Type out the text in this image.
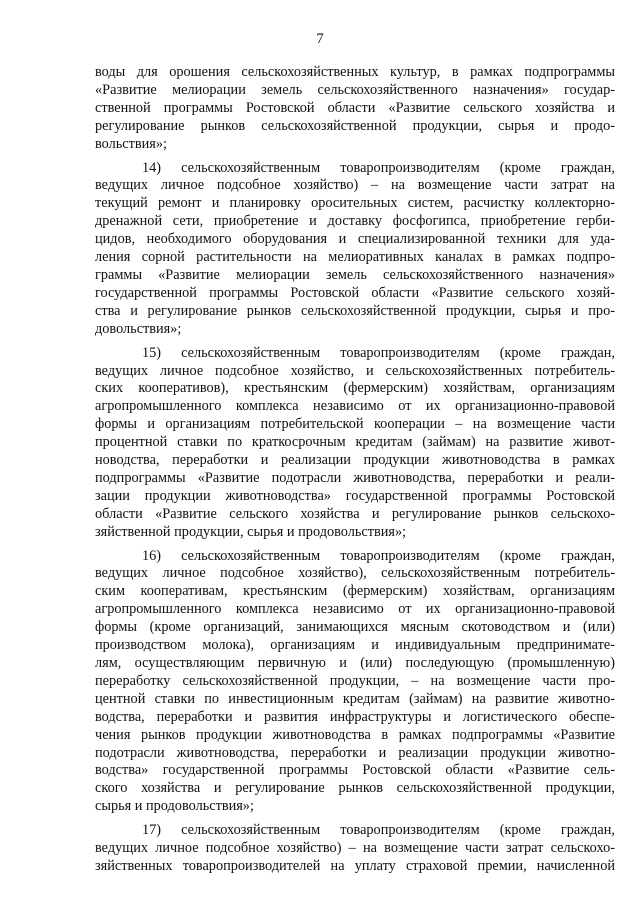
7

воды для орошения сельскохозяйственных культур, в рамках подпрограммы
«Развитие мелиорации земель сельскохозяйственного назначения» государ-
ственной программы Ростовской области «Развитие сельского хозяйства и
регулирование рынков сельскохозяйственной продукции, сырья и продо-
вольствия»;

14) сельскохозяйственным товаропроизводителям (кроме граждан,
ведущих личное подсобное хозяйство) – на возмещение части затрат на
текущий ремонт и планировку оросительных систем, расчистку коллекторно-
дренажной сети, приобретение и доставку фосфогипса, приобретение герби-
цидов, необходимого оборудования и специализированной техники для уда-
ления сорной растительности на мелиоративных каналах в рамках подпро-
граммы «Развитие мелиорации земель сельскохозяйственного назначения»
государственной программы Ростовской области «Развитие сельского хозяй-
ства и регулирование рынков сельскохозяйственной продукции, сырья и про-
довольствия»;

15) сельскохозяйственным товаропроизводителям (кроме граждан,
ведущих личное подсобное хозяйство, и сельскохозяйственных потребитель-
ских кооперативов), крестьянским (фермерским) хозяйствам, организациям
агропромышленного комплекса независимо от их организационно-правовой
формы и организациям потребительской кооперации – на возмещение части
процентной ставки по краткосрочным кредитам (займам) на развитие живот-
новодства, переработки и реализации продукции животноводства в рамках
подпрограммы «Развитие подотрасли животноводства, переработки и реали-
зации продукции животноводства» государственной программы Ростовской
области «Развитие сельского хозяйства и регулирование рынков сельскохо-
зяйственной продукции, сырья и продовольствия»;

16) сельскохозяйственным товаропроизводителям (кроме граждан,
ведущих личное подсобное хозяйство), сельскохозяйственным потребитель-
ским кооперативам, крестьянским (фермерским) хозяйствам, организациям
агропромышленного комплекса независимо от их организационно-правовой
формы (кроме организаций, занимающихся мясным скотоводством и (или)
производством молока), организациям и индивидуальным предпринимате-
лям, осуществляющим первичную и (или) последующую (промышленную)
переработку сельскохозяйственной продукции, – на возмещение части про-
центной ставки по инвестиционным кредитам (займам) на развитие животно-
водства, переработки и развития инфраструктуры и логистического обеспе-
чения рынков продукции животноводства в рамках подпрограммы «Развитие
подотрасли животноводства, переработки и реализации продукции животно-
водства» государственной программы Ростовской области «Развитие сель-
ского хозяйства и регулирование рынков сельскохозяйственной продукции,
сырья и продовольствия»;

17) сельскохозяйственным товаропроизводителям (кроме граждан,
ведущих личное подсобное хозяйство) – на возмещение части затрат сельскохо-
зяйственных товаропроизводителей на уплату страховой премии, начисленной
